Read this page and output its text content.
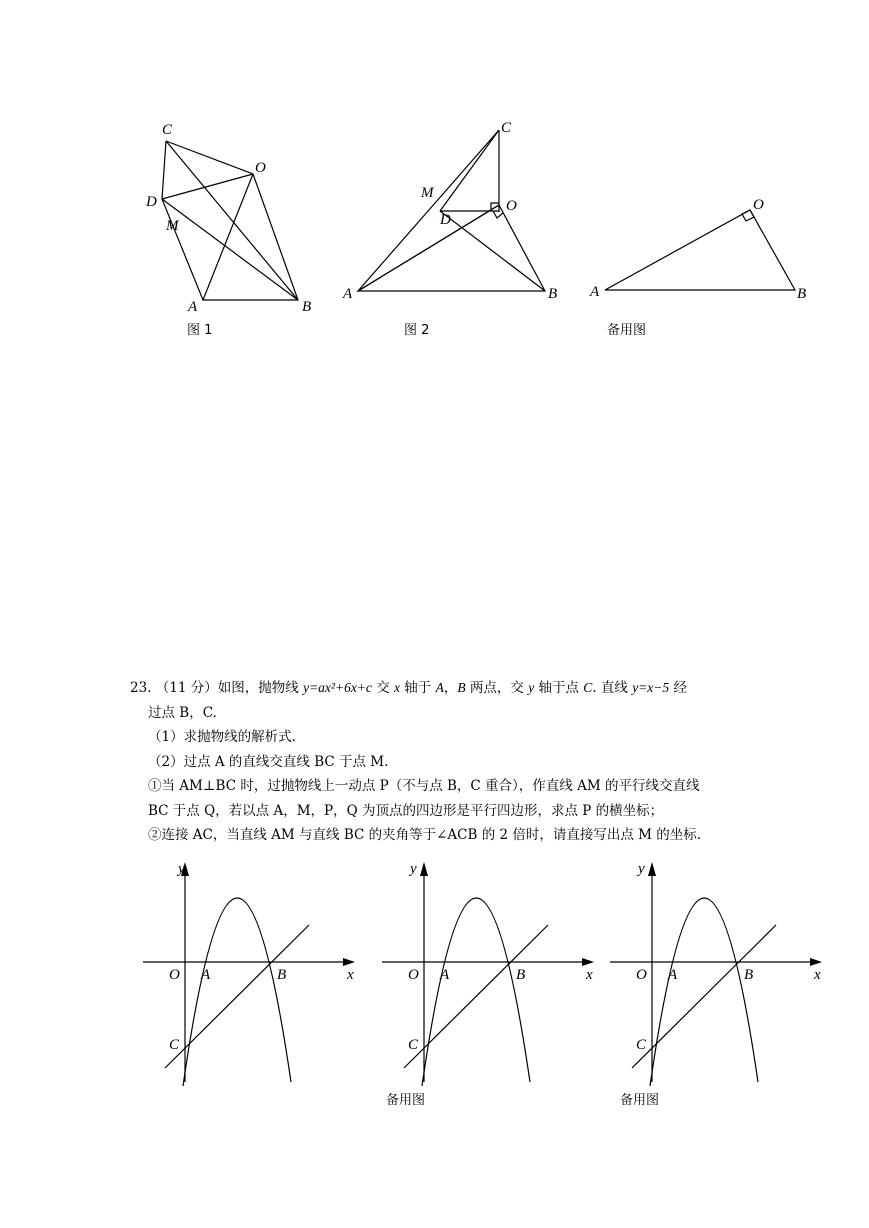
C
O
D
M
A	B
图 1
C
M
D
O
A	B
图 2
O
A	B
备用图
y
x
O A	B
C
y
x
O A	B
C
备用图
y
x
O A	B
C
备用图
23. （11 分）如图，抛物线 y=ax²+6x+c 交 x 轴于 A，B 两点，交 y 轴于点 C. 直线 y=x−5 经
过点 B，C.
（1）求抛物线的解析式.
（2）过点 A 的直线交直线 BC 于点 M.
①当 AM⊥BC 时，过抛物线上一动点 P（不与点 B，C 重合），作直线 AM 的平行线交直线
BC 于点 Q，若以点 A，M，P，Q 为顶点的四边形是平行四边形，求点 P 的横坐标；
②连接 AC，当直线 AM 与直线 BC 的夹角等于∠ACB 的 2 倍时，请直接写出点 M 的坐标.
